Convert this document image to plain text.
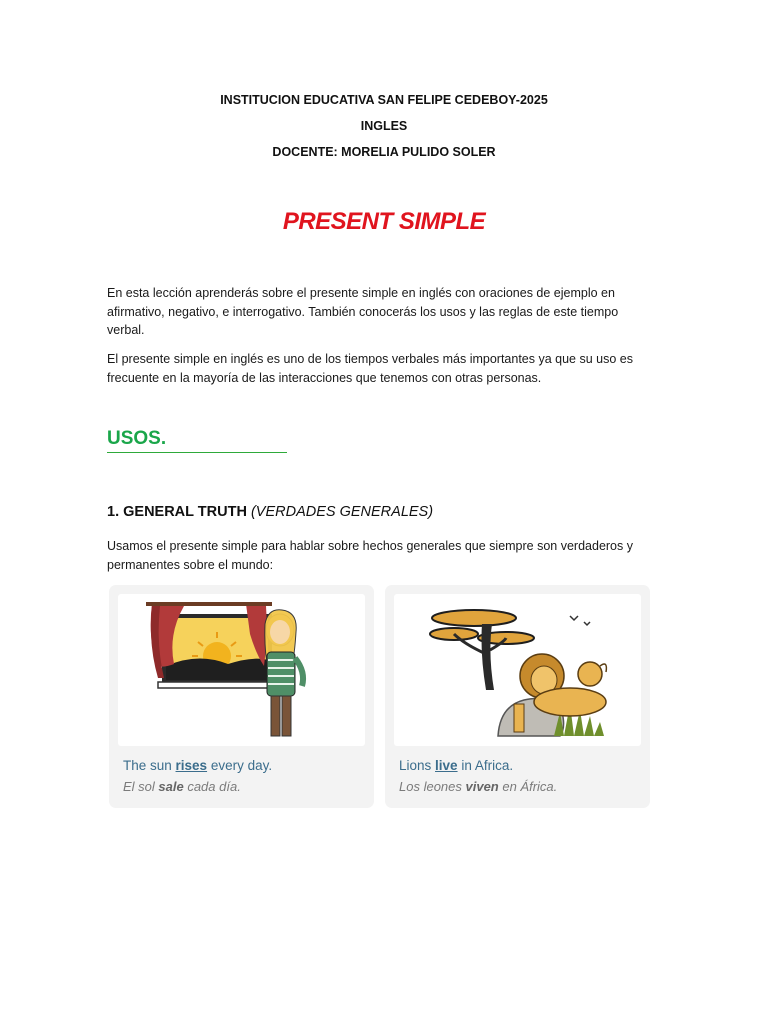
INSTITUCION EDUCATIVA SAN FELIPE CEDEBOY-2025
INGLES
DOCENTE: MORELIA PULIDO SOLER
PRESENT SIMPLE
En esta lección aprenderás sobre el presente simple en inglés con oraciones de ejemplo en afirmativo, negativo, e interrogativo. También conocerás los usos y las reglas de este tiempo verbal.
El presente simple en inglés es uno de los tiempos verbales más importantes ya que su uso es frecuente en la mayoría de las interacciones que tenemos con otras personas.
USOS.
1. GENERAL TRUTH (VERDADES GENERALES)
Usamos el presente simple para hablar sobre hechos generales que siempre son verdaderos y permanentes sobre el mundo:
The sun rises every day.
El sol sale cada día.
Lions live in Africa.
Los leones viven en África.
